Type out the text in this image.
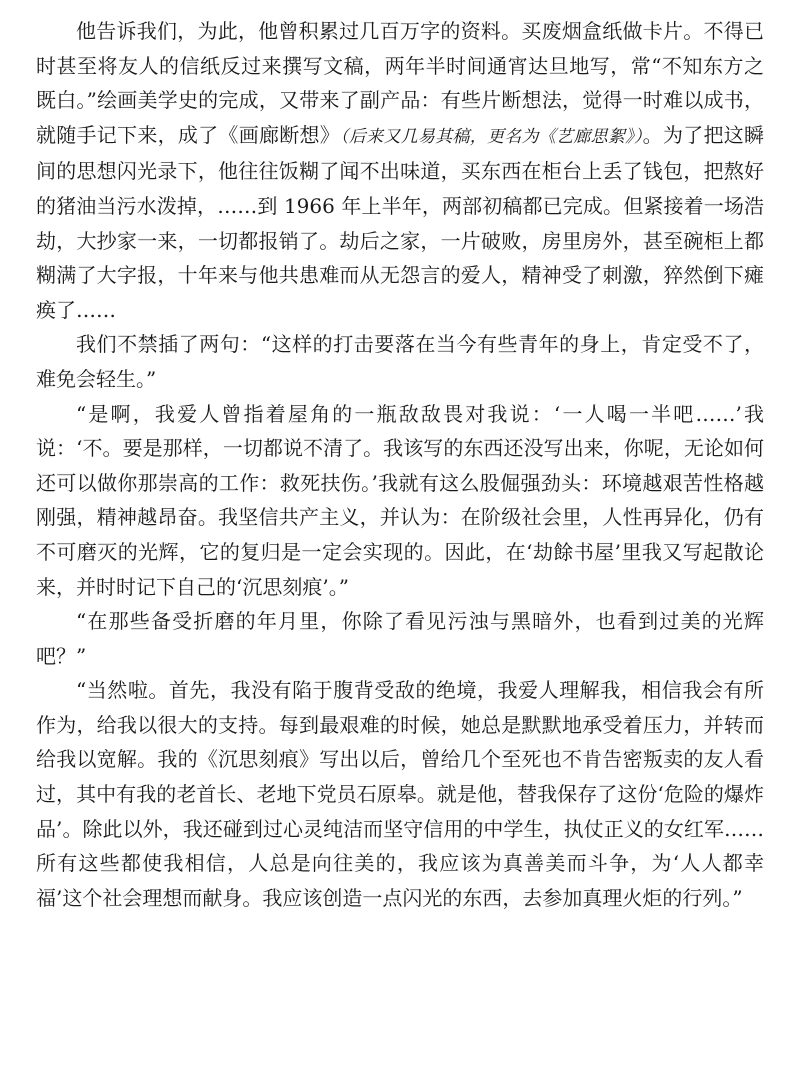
他告诉我们，为此，他曾积累过几百万字的资料。买废烟盒纸做卡片。不得已时甚至将友人的信纸反过来撰写文稿，两年半时间通宵达旦地写，常“不知东方之既白。”绘画美学史的完成，又带来了副产品：有些片断想法，觉得一时难以成书，就随手记下来，成了《画廊断想》（后来又几易其稿，更名为《艺廊思絮》）。为了把这瞬间的思想闪光录下，他往往饭糊了闻不出味道，买东西在柜台上丢了钱包，把熬好的猪油当污水泼掉，……到 1966 年上半年，两部初稿都已完成。但紧接着一场浩劫，大抄家一来，一切都报销了。劫后之家，一片破败，房里房外，甚至碗柜上都糊满了大字报，十年来与他共患难而从无怨言的爱人，精神受了刺激，猝然倒下瘫痪了……

我们不禁插了两句：“这样的打击要落在当今有些青年的身上，肯定受不了，难免会轻生。”

“是啊，我爱人曾指着屋角的一瓶敌敌畏对我说：‘一人喝一半吧……’我说：‘不。要是那样，一切都说不清了。我该写的东西还没写出来，你呢，无论如何还可以做你那崇高的工作：救死扶伤。’我就有这么股倔强劲头：环境越艰苦性格越刚强，精神越昂奋。我坚信共产主义，并认为：在阶级社会里，人性再异化，仍有不可磨灭的光辉，它的复归是一定会实现的。因此，在‘劫餘书屋’里我又写起散论来，并时时记下自己的‘沉思刻痕’。”

“在那些备受折磨的年月里，你除了看见污浊与黑暗外，也看到过美的光辉吧？”

“当然啦。首先，我没有陷于腹背受敌的绝境，我爱人理解我，相信我会有所作为，给我以很大的支持。每到最艰难的时候，她总是默默地承受着压力，并转而给我以宽解。我的《沉思刻痕》写出以后，曾给几个至死也不肯告密叛卖的友人看过，其中有我的老首长、老地下党员石原皋。就是他，替我保存了这份‘危险的爆炸品’。除此以外，我还碰到过心灵纯洁而坚守信用的中学生，执仗正义的女红军……所有这些都使我相信，人总是向往美的，我应该为真善美而斗争，为‘人人都幸福’这个社会理想而献身。我应该创造一点闪光的东西，去参加真理火炬的行列。”
